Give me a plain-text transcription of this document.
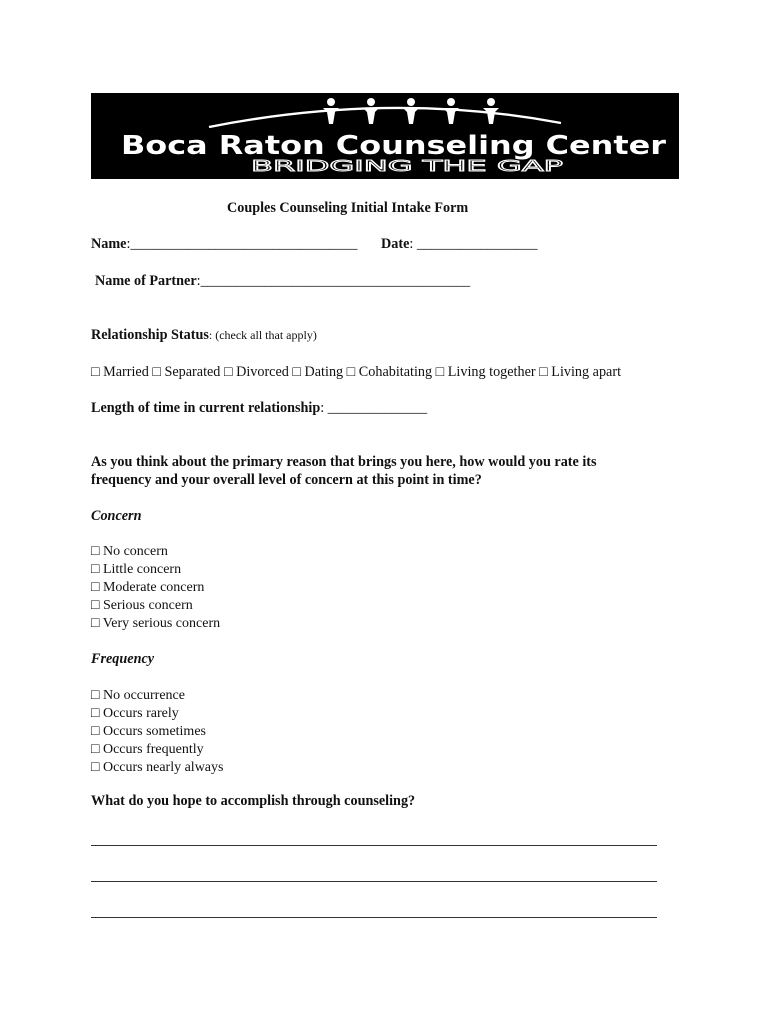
Boca Raton Counseling Center
BRIDGING THE GAP
Couples Counseling Initial Intake Form
Name:________________________________ Date: _________________
Name of Partner:______________________________________
Relationship Status: (check all that apply)
□ Married □ Separated □ Divorced □ Dating □ Cohabitating □ Living together □ Living apart
Length of time in current relationship: ______________
As you think about the primary reason that brings you here, how would you rate its
frequency and your overall level of concern at this point in time?
Concern
□ No concern
□ Little concern
□ Moderate concern
□ Serious concern
□ Very serious concern
Frequency
□ No occurrence
□ Occurs rarely
□ Occurs sometimes
□ Occurs frequently
□ Occurs nearly always
What do you hope to accomplish through counseling?
